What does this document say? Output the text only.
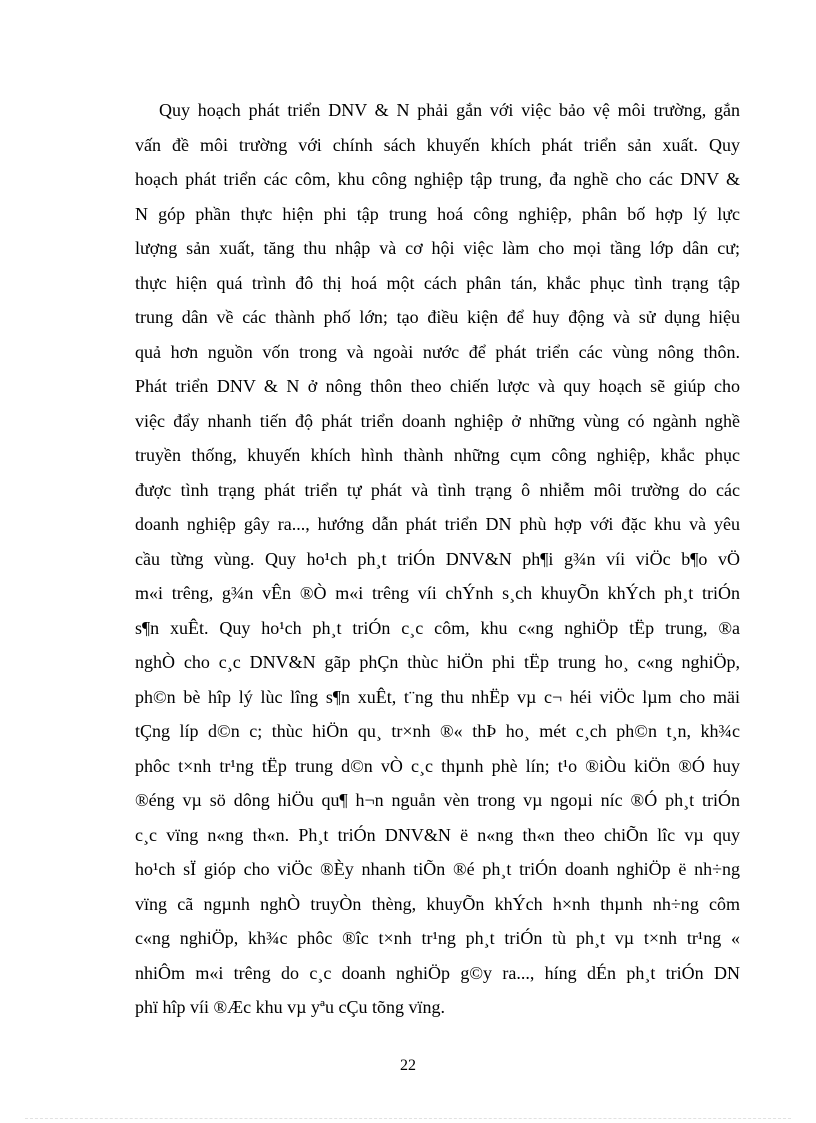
Quy hoạch phát triển DNV & N phải gắn với việc bảo vệ môi trường, gắn
vấn đề môi trường với chính sách khuyến khích phát triển sản xuất. Quy
hoạch phát triển các côm, khu công nghiệp tập trung, đa nghề cho các DNV &
N góp phần thực hiện phi tập trung hoá công nghiệp, phân bố hợp lý lực
lượng sản xuất, tăng thu nhập và cơ hội việc làm cho mọi tầng lớp dân cư;
thực hiện quá trình đô thị hoá một cách phân tán, khắc phục tình trạng tập
trung dân về các thành phố lớn; tạo điều kiện để huy động và sử dụng hiệu
quả hơn nguồn vốn trong và ngoài nước để phát triển các vùng nông thôn.
Phát triển DNV & N ở nông thôn theo chiến lược và quy hoạch sẽ giúp cho
việc đẩy nhanh tiến độ phát triển doanh nghiệp ở những vùng có ngành nghề
truyền thống, khuyến khích hình thành những cụm công nghiệp, khắc phục
được tình trạng phát triển tự phát và tình trạng ô nhiễm môi trường do các
doanh nghiệp gây ra..., hướng dẫn phát triển DN phù hợp với đặc khu và yêu
cầu từng vùng. Quy ho¹ch ph¸t triÓn DNV&N ph¶i g¾n víi viÖc b¶o vÖ
m«i trêng, g¾n vÊn ®Ò m«i trêng víi chÝnh s¸ch khuyÕn khÝch ph¸t triÓn
s¶n xuÊt. Quy ho¹ch ph¸t triÓn c¸c côm, khu c«ng nghiÖp tËp trung, ®a
nghÒ cho c¸c DNV&N gãp phÇn thùc hiÖn phi tËp trung ho¸ c«ng nghiÖp,
ph©n bè hîp lý lùc lîng s¶n xuÊt, t¨ng thu nhËp vµ c¬ héi viÖc lµm cho mäi
tÇng líp d©n c; thùc hiÖn qu¸ tr×nh ®« thÞ ho¸ mét c¸ch ph©n t¸n, kh¾c
phôc t×nh tr¹ng tËp trung d©n vÒ c¸c thµnh phè lín; t¹o ®iÒu kiÖn ®Ó huy
®éng vµ sö dông hiÖu qu¶ h¬n nguån vèn trong vµ ngoµi níc ®Ó ph¸t triÓn
c¸c vïng n«ng th«n. Ph¸t triÓn DNV&N ë n«ng th«n theo chiÕn lîc vµ quy
ho¹ch sÏ gióp cho viÖc ®Èy nhanh tiÕn ®é ph¸t triÓn doanh nghiÖp ë nh÷ng
vïng cã ngµnh nghÒ truyÒn thèng, khuyÕn khÝch h×nh thµnh nh÷ng côm
c«ng nghiÖp, kh¾c phôc ®îc t×nh tr¹ng ph¸t triÓn tù ph¸t vµ t×nh tr¹ng «
nhiÔm m«i trêng do c¸c doanh nghiÖp g©y ra..., híng dÉn ph¸t triÓn DN
phï hîp víi ®Æc khu vµ yªu cÇu tõng vïng.
22
